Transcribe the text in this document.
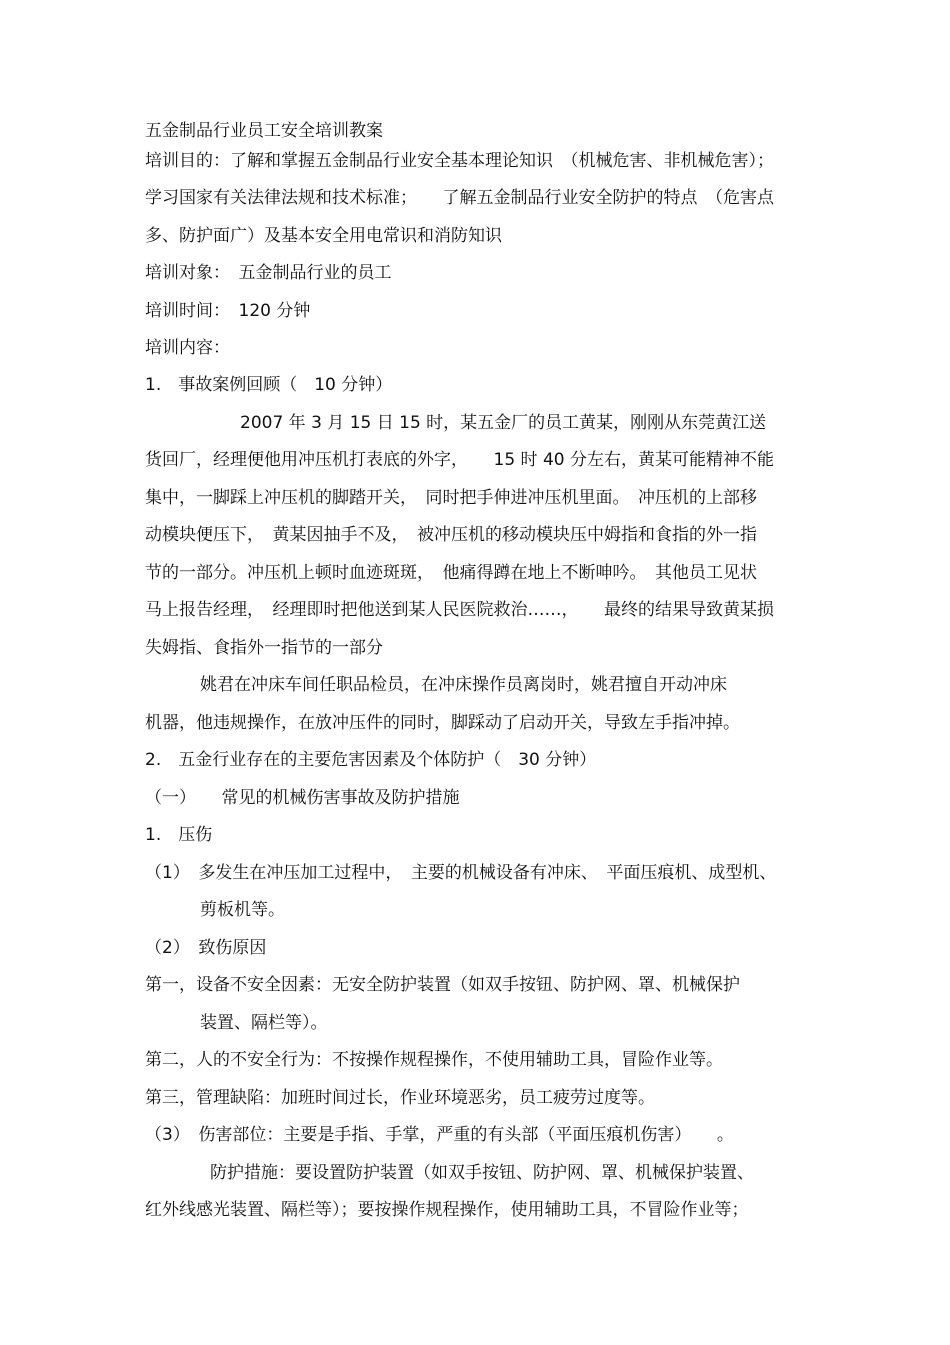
五金制品行业员工安全培训教案
培训目的：了解和掌握五金制品行业安全基本理论知识　（机械危害、非机械危害）；
学习国家有关法律法规和技术标准；　　了解五金制品行业安全防护的特点　（危害点
多、防护面广）及基本安全用电常识和消防知识
培训对象：　五金制品行业的员工
培训时间：　120 分钟
培训内容：
1.　事故案例回顾（　10 分钟）
2007 年 3 月 15 日 15 时，某五金厂的员工黄某，刚刚从东莞黄江送
货回厂，经理便他用冲压机打表底的外字，　　15 时 40 分左右，黄某可能精神不能
集中，一脚踩上冲压机的脚踏开关，　同时把手伸进冲压机里面。　冲压机的上部移
动模块便压下，　黄某因抽手不及，　被冲压机的移动模块压中姆指和食指的外一指
节的一部分。冲压机上顿时血迹斑斑，　他痛得蹲在地上不断呻吟。　其他员工见状
马上报告经理，　经理即时把他送到某人民医院救治……，　　最终的结果导致黄某损
失姆指、食指外一指节的一部分
姚君在冲床车间任职品检员，在冲床操作员离岗时，姚君擅自开动冲床
机器，他违规操作，在放冲压件的同时，脚踩动了启动开关，导致左手指冲掉。
2.　五金行业存在的主要危害因素及个体防护（　30 分钟）
（一）　　常见的机械伤害事故及防护措施
1.　压伤
（1）　多发生在冲压加工过程中，　主要的机械设备有冲床、　平面压痕机、成型机、
剪板机等。
（2）　致伤原因
第一，设备不安全因素：无安全防护装置（如双手按钮、防护网、罩、机械保护
装置、隔栏等）。
第二，人的不安全行为：不按操作规程操作，不使用辅助工具，冒险作业等。
第三，管理缺陷：加班时间过长，作业环境恶劣，员工疲劳过度等。
（3）　伤害部位：主要是手指、手掌，严重的有头部（平面压痕机伤害）　　。
防护措施：要设置防护装置（如双手按钮、防护网、罩、机械保护装置、
红外线感光装置、隔栏等）；要按操作规程操作，使用辅助工具，不冒险作业等；
